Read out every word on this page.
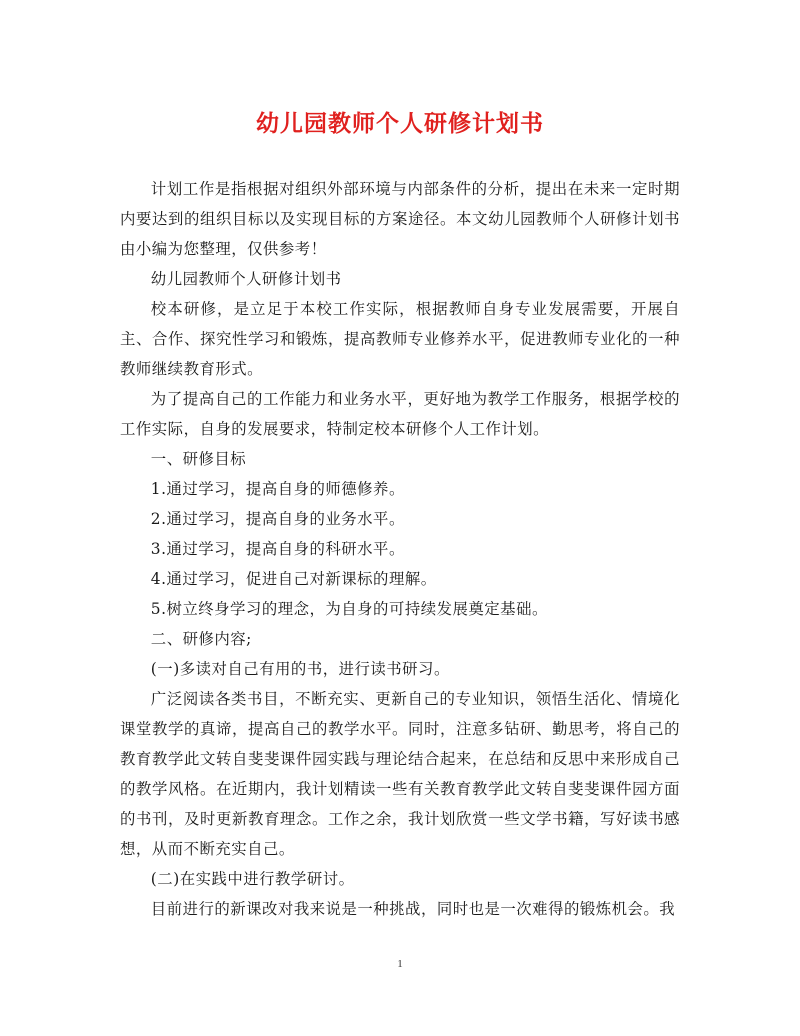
幼儿园教师个人研修计划书

计划工作是指根据对组织外部环境与内部条件的分析，提出在未来一定时期内要达到的组织目标以及实现目标的方案途径。本文幼儿园教师个人研修计划书由小编为您整理，仅供参考！

幼儿园教师个人研修计划书

校本研修，是立足于本校工作实际，根据教师自身专业发展需要，开展自主、合作、探究性学习和锻炼，提高教师专业修养水平，促进教师专业化的一种教师继续教育形式。

为了提高自己的工作能力和业务水平，更好地为教学工作服务，根据学校的工作实际，自身的发展要求，特制定校本研修个人工作计划。

一、研修目标

1.通过学习，提高自身的师德修养。

2.通过学习，提高自身的业务水平。

3.通过学习，提高自身的科研水平。

4.通过学习，促进自己对新课标的理解。

5.树立终身学习的理念，为自身的可持续发展奠定基础。

二、研修内容;

(一)多读对自己有用的书，进行读书研习。

广泛阅读各类书目，不断充实、更新自己的专业知识，领悟生活化、情境化课堂教学的真谛，提高自己的教学水平。同时，注意多钻研、勤思考，将自己的教育教学此文转自斐斐课件园实践与理论结合起来，在总结和反思中来形成自己的教学风格。在近期内，我计划精读一些有关教育教学此文转自斐斐课件园方面的书刊，及时更新教育理念。工作之余，我计划欣赏一些文学书籍，写好读书感想，从而不断充实自己。

(二)在实践中进行教学研讨。

目前进行的新课改对我来说是一种挑战，同时也是一次难得的锻炼机会。我

1
